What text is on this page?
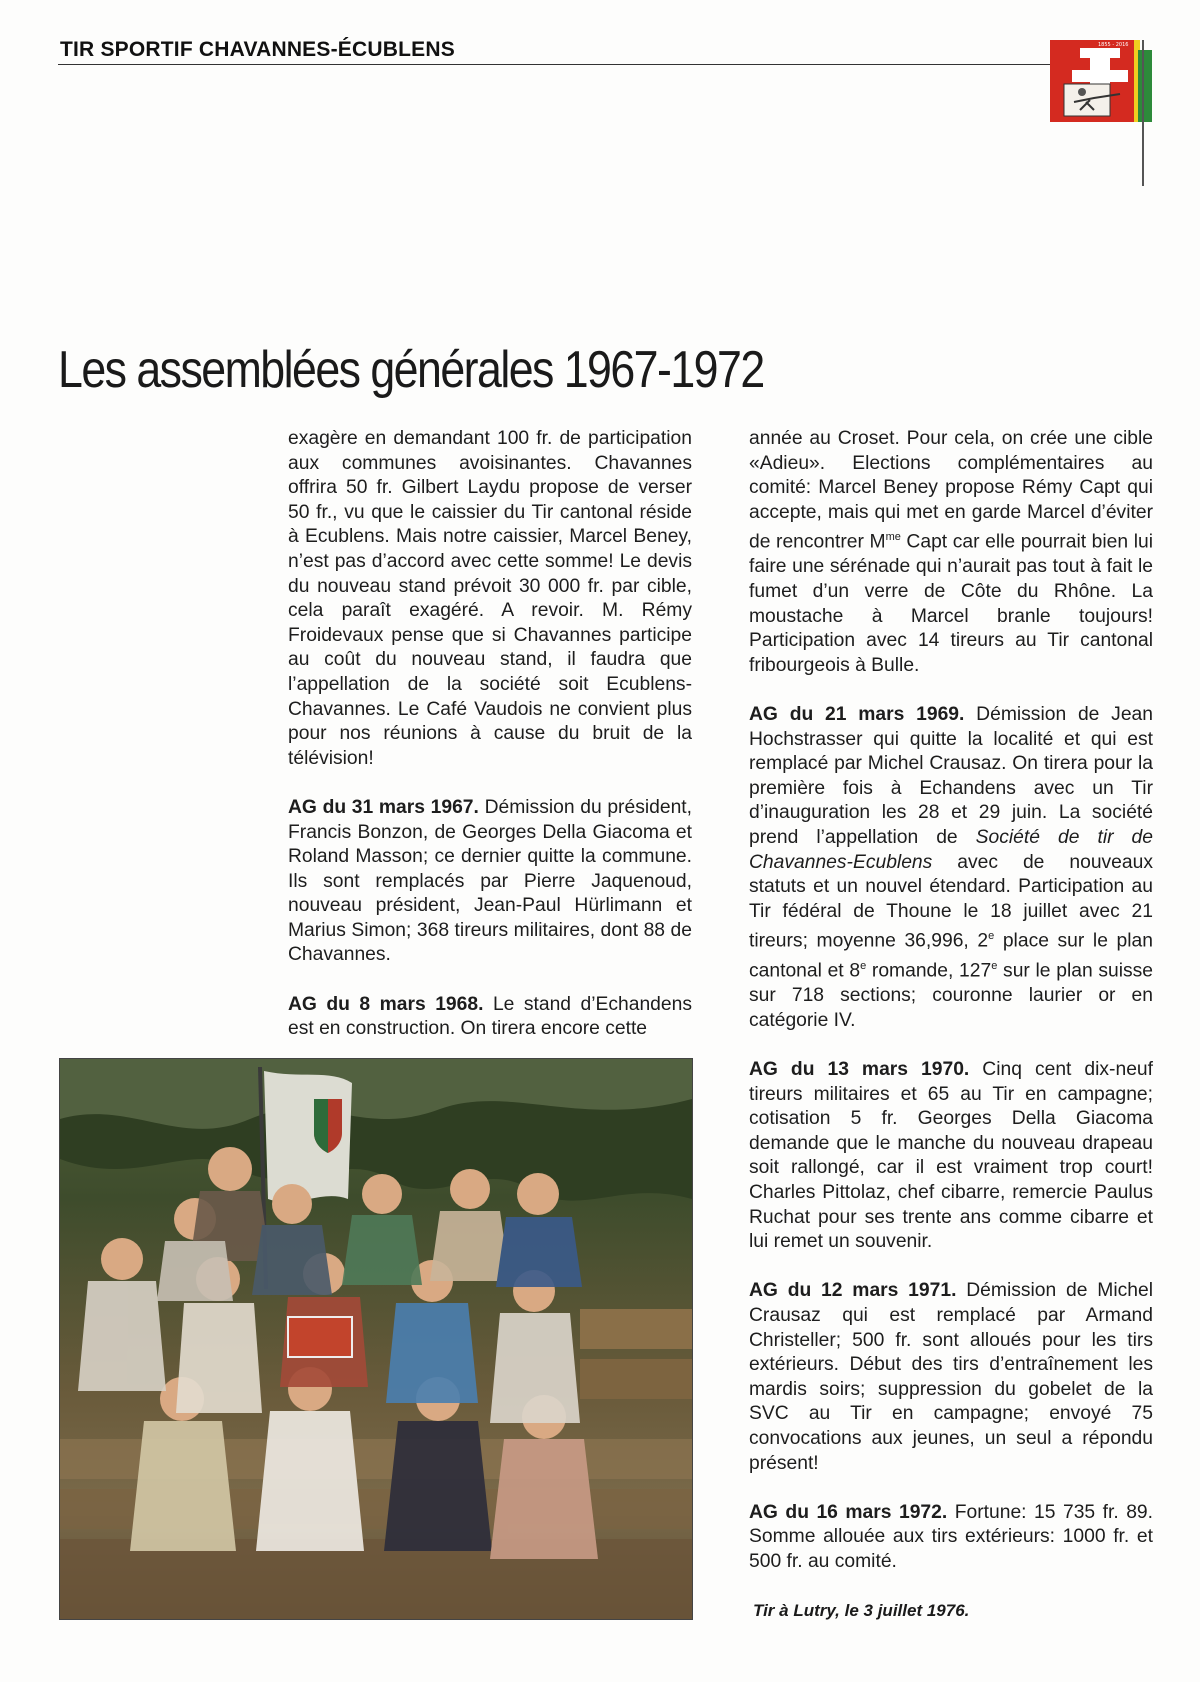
TIR SPORTIF CHAVANNES-ÉCUBLENS	1855 - 2016
Les assemblées générales 1967-1972

exagère en demandant 100 fr. de participation aux communes avoisinantes. Chavannes offrira 50 fr. Gilbert Laydu propose de verser 50 fr., vu que le caissier du Tir cantonal réside à Ecublens. Mais notre caissier, Marcel Beney, n’est pas d’accord avec cette somme! Le devis du nouveau stand prévoit 30 000 fr. par cible, cela paraît exagéré. A revoir. M. Rémy Froidevaux pense que si Chavannes participe au coût du nouveau stand, il faudra que l’appellation de la société soit Ecublens-Chavannes. Le Café Vaudois ne convient plus pour nos réunions à cause du bruit de la télévision!

AG du 31 mars 1967. Démission du président, Francis Bonzon, de Georges Della Giacoma et Roland Masson; ce dernier quitte la commune. Ils sont remplacés par Pierre Jaquenoud, nouveau président, Jean-Paul Hürlimann et Marius Simon; 368 tireurs militaires, dont 88 de Chavannes.

AG du 8 mars 1968. Le stand d’Echandens est en construction. On tirera encore cette

année au Croset. Pour cela, on crée une cible «Adieu». Elections complémentaires au comité: Marcel Beney propose Rémy Capt qui accepte, mais qui met en garde Marcel d’éviter de rencontrer $M^{me}$ Capt car elle pourrait bien lui faire une sérénade qui n’aurait pas tout à fait le fumet d’un verre de Côte du Rhône. La moustache à Marcel branle toujours! Participation avec 14 tireurs au Tir cantonal fribourgeois à Bulle.

AG du 21 mars 1969. Démission de Jean Hochstrasser qui quitte la localité et qui est remplacé par Michel Crausaz. On tirera pour la première fois à Echandens avec un Tir d’inauguration les 28 et 29 juin. La société prend l’appellation de Société de tir de Chavannes-Ecublens avec de nouveaux statuts et un nouvel étendard. Participation au Tir fédéral de Thoune le 18 juillet avec 21 tireurs; moyenne 36,996, 2e place sur le plan cantonal et 8e romande, 127e sur le plan suisse sur 718 sections; couronne laurier or en catégorie IV.

AG du 13 mars 1970. Cinq cent dix-neuf tireurs militaires et 65 au Tir en campagne; cotisation 5 fr. Georges Della Giacoma demande que le manche du nouveau drapeau soit rallongé, car il est vraiment trop court! Charles Pittolaz, chef cibarre, remercie Paulus Ruchat pour ses trente ans comme cibarre et lui remet un souvenir.

AG du 12 mars 1971. Démission de Michel Crausaz qui est remplacé par Armand Christeller; 500 fr. sont alloués pour les tirs extérieurs. Début des tirs d’entraînement les mardis soirs; suppression du gobelet de la SVC au Tir en campagne; envoyé 75 convocations aux jeunes, un seul a répondu présent!

AG du 16 mars 1972. Fortune: 15 735 fr. 89. Somme allouée aux tirs extérieurs: 1000 fr. et 500 fr. au comité.

Tir à Lutry, le 3 juillet 1976.
